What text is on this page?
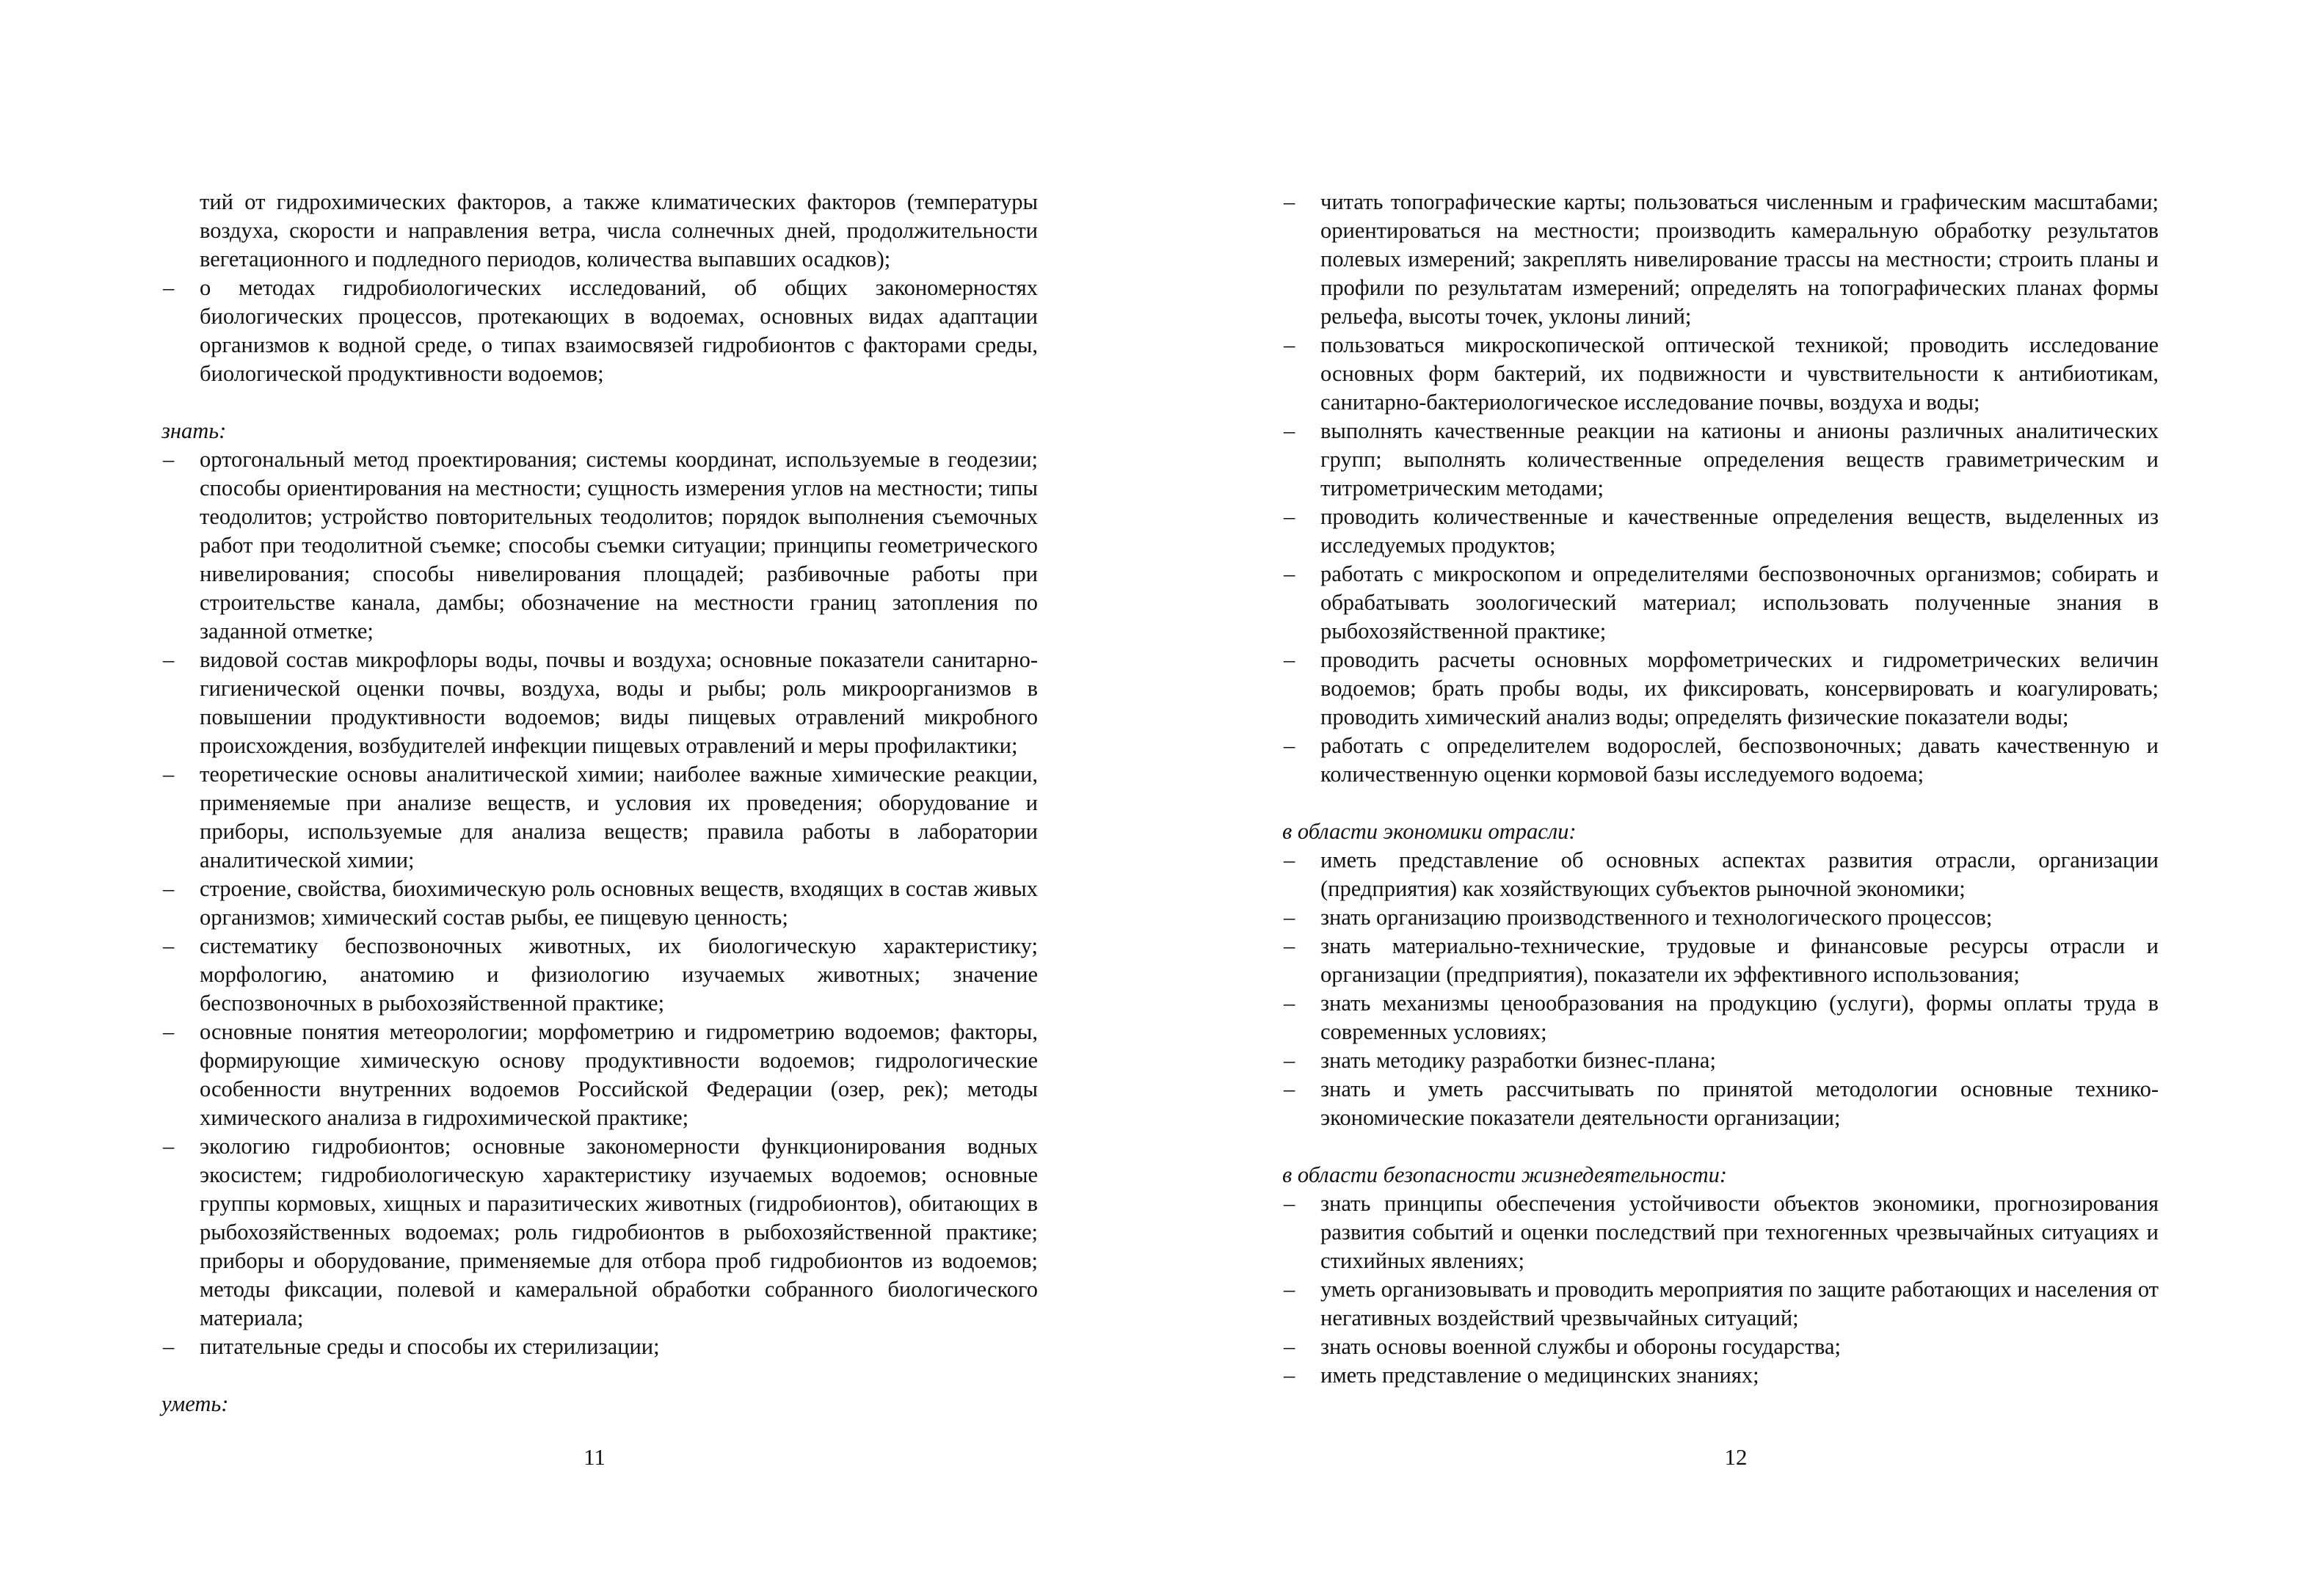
тий от гидрохимических факторов, а также климатических факторов (температуры воздуха, скорости и направления ветра, числа солнечных дней, продолжительности вегетационного и подледного периодов, количества выпавших осадков);

– о методах гидробиологических исследований, об общих закономерностях биологических процессов, протекающих в водоемах, основных видах адаптации организмов к водной среде, о типах взаимосвязей гидробионтов с факторами среды, биологической продуктивности водоемов;

знать:

– ортогональный метод проектирования; системы координат, используемые в геодезии; способы ориентирования на местности; сущность измерения углов на местности; типы теодолитов; устройство повторительных теодолитов; порядок выполнения съемочных работ при теодолитной съемке; способы съемки ситуации; принципы геометрического нивелирования; способы нивелирования площадей; разбивочные работы при строительстве канала, дамбы; обозначение на местности границ затопления по заданной отметке;
– видовой состав микрофлоры воды, почвы и воздуха; основные показатели санитарно-гигиенической оценки почвы, воздуха, воды и рыбы; роль микроорганизмов в повышении продуктивности водоемов; виды пищевых отравлений микробного происхождения, возбудителей инфекции пищевых отравлений и меры профилактики;
– теоретические основы аналитической химии; наиболее важные химические реакции, применяемые при анализе веществ, и условия их проведения; оборудование и приборы, используемые для анализа веществ; правила работы в лаборатории аналитической химии;
– строение, свойства, биохимическую роль основных веществ, входящих в состав живых организмов; химический состав рыбы, ее пищевую ценность;
– систематику беспозвоночных животных, их биологическую характеристику; морфологию, анатомию и физиологию изучаемых животных; значение беспозвоночных в рыбохозяйственной практике;
– основные понятия метеорологии; морфометрию и гидрометрию водоемов; факторы, формирующие химическую основу продуктивности водоемов; гидрологические особенности внутренних водоемов Российской Федерации (озер, рек); методы химического анализа в гидрохимической практике;
– экологию гидробионтов; основные закономерности функционирования водных экосистем; гидробиологическую характеристику изучаемых водоемов; основные группы кормовых, хищных и паразитических животных (гидробионтов), обитающих в рыбохозяйственных водоемах; роль гидробионтов в рыбохозяйственной практике; приборы и оборудование, применяемые для отбора проб гидробионтов из водоемов; методы фиксации, полевой и камеральной обработки собранного биологического материала;
– питательные среды и способы их стерилизации;

уметь:

11
– читать топографические карты; пользоваться численным и графическим масштабами; ориентироваться на местности; производить камеральную обработку результатов полевых измерений; закреплять нивелирование трассы на местности; строить планы и профили по результатам измерений; определять на топографических планах формы рельефа, высоты точек, уклоны линий;
– пользоваться микроскопической оптической техникой; проводить исследование основных форм бактерий, их подвижности и чувствительности к антибиотикам, санитарно-бактериологическое исследование почвы, воздуха и воды;
– выполнять качественные реакции на катионы и анионы различных аналитических групп; выполнять количественные определения веществ гравиметрическим и титрометрическим методами;
– проводить количественные и качественные определения веществ, выделенных из исследуемых продуктов;
– работать с микроскопом и определителями беспозвоночных организмов; собирать и обрабатывать зоологический материал; использовать полученные знания в рыбохозяйственной практике;
– проводить расчеты основных морфометрических и гидрометрических величин водоемов; брать пробы воды, их фиксировать, консервировать и коагулировать; проводить химический анализ воды; определять физические показатели воды;
– работать с определителем водорослей, беспозвоночных; давать качественную и количественную оценки кормовой базы исследуемого водоема;

в области экономики отрасли:

– иметь представление об основных аспектах развития отрасли, организации (предприятия) как хозяйствующих субъектов рыночной экономики;
– знать организацию производственного и технологического процессов;
– знать материально-технические, трудовые и финансовые ресурсы отрасли и организации (предприятия), показатели их эффективного использования;
– знать механизмы ценообразования на продукцию (услуги), формы оплаты труда в современных условиях;
– знать методику разработки бизнес-плана;
– знать и уметь рассчитывать по принятой методологии основные технико-экономические показатели деятельности организации;

в области безопасности жизнедеятельности:

– знать принципы обеспечения устойчивости объектов экономики, прогнозирования развития событий и оценки последствий при техногенных чрезвычайных ситуациях и стихийных явлениях;
– уметь организовывать и проводить мероприятия по защите работающих и населения от негативных воздействий чрезвычайных ситуаций;
– знать основы военной службы и обороны государства;
– иметь представление о медицинских знаниях;
12
